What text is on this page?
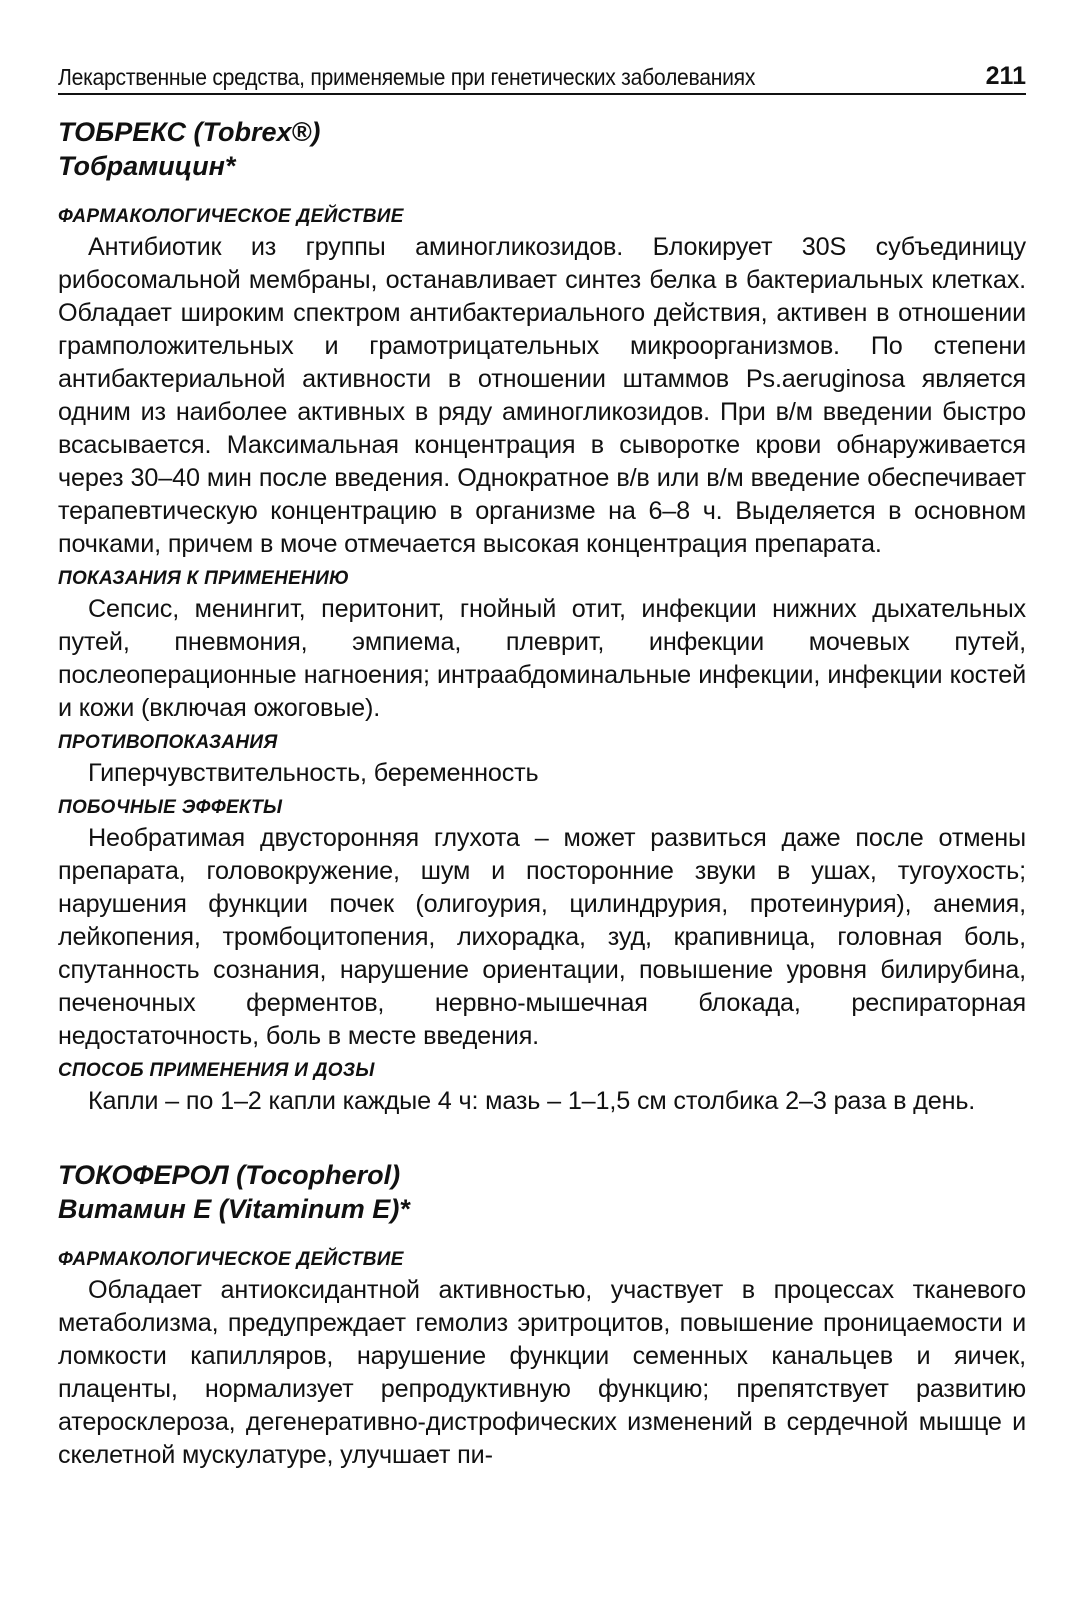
Лекарственные средства, применяемые при генетических заболеваниях	211
ТОБРЕКС (Tobrex®)
Тобрамицин*
ФАРМАКОЛОГИЧЕСКОЕ ДЕЙСТВИЕ

Антибиотик из группы аминогликозидов. Блокирует 30S субъединицу рибосомальной мембраны, останавливает синтез белка в бактериальных клетках. Обладает широким спектром антибактериального действия, активен в отношении грамположительных и грамотрицательных микроорганизмов. По степени антибактериальной активности в отношении штаммов Ps.aeruginosa является одним из наиболее активных в ряду аминогликозидов. При в/м введении быстро всасывается. Максимальная концентрация в сыворотке крови обнаруживается через 30–40 мин после введения. Однократное в/в или в/м введение обеспечивает терапевтическую концентрацию в организме на 6–8 ч. Выделяется в основном почками, причем в моче отмечается высокая концентрация препарата.

ПОКАЗАНИЯ К ПРИМЕНЕНИЮ

Сепсис, менингит, перитонит, гнойный отит, инфекции нижних дыхательных путей, пневмония, эмпиема, плеврит, инфекции мочевых путей, послеоперационные нагноения; интраабдоминальные инфекции, инфекции костей и кожи (включая ожоговые).

ПРОТИВОПОКАЗАНИЯ

Гиперчувствительность, беременность

ПОБОЧНЫЕ ЭФФЕКТЫ

Необратимая двусторонняя глухота – может развиться даже после отмены препарата, головокружение, шум и посторонние звуки в ушах, тугоухость; нарушения функции почек (олигоурия, цилиндрурия, протеинурия), анемия, лейкопения, тромбоцитопения, лихорадка, зуд, крапивница, головная боль, спутанность сознания, нарушение ориентации, повышение уровня билирубина, печеночных ферментов, нервно-мышечная блокада, респираторная недостаточность, боль в месте введения.

СПОСОБ ПРИМЕНЕНИЯ И ДОЗЫ

Капли – по 1–2 капли каждые 4 ч: мазь – 1–1,5 см столбика 2–3 раза в день.

ТОКОФЕРОЛ (Tocopherol)
Витамин E (Vitaminum E)*
ФАРМАКОЛОГИЧЕСКОЕ ДЕЙСТВИЕ

Обладает антиоксидантной активностью, участвует в процессах тканевого метаболизма, предупреждает гемолиз эритроцитов, повышение проницаемости и ломкости капилляров, нарушение функции семенных канальцев и яичек, плаценты, нормализует репродуктивную функцию; препятствует развитию атеросклероза, дегенеративно-дистрофических изменений в сердечной мышце и скелетной мускулатуре, улучшает пи-
